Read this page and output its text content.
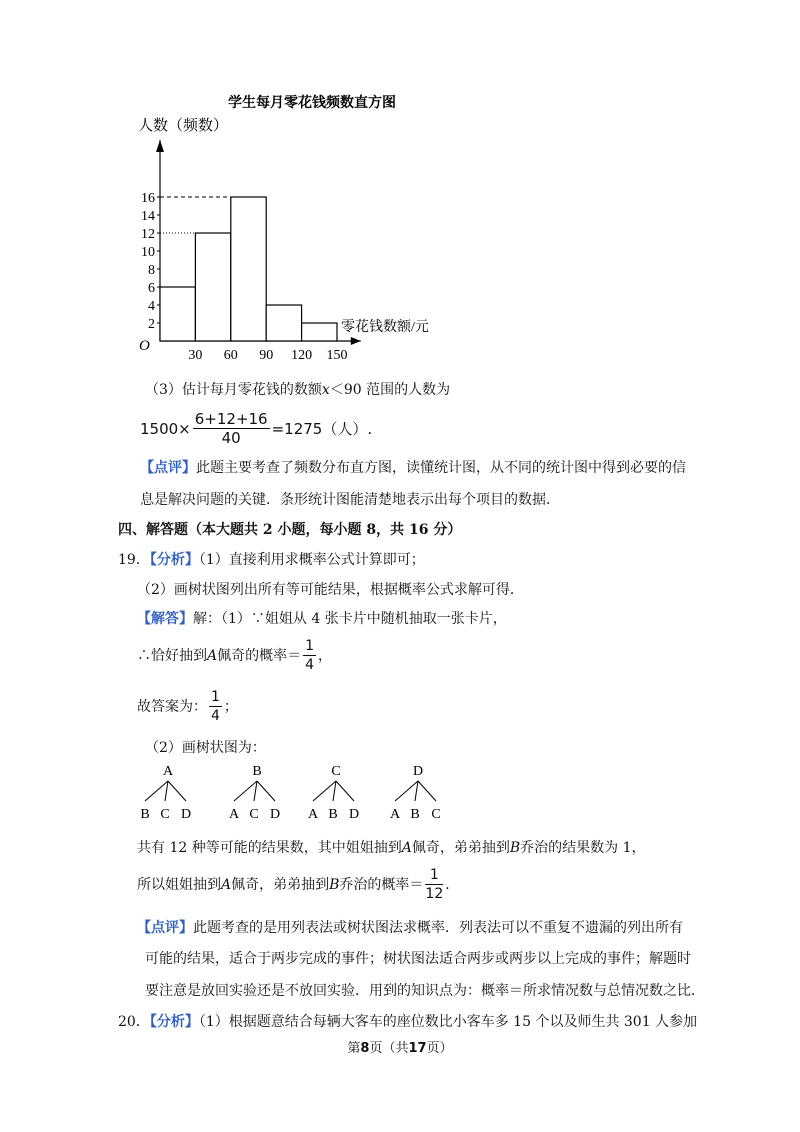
学生每月零花钱频数直方图
人数（频数）
零花钱数额/元
O
2
4
6
8
10
12
14
16
30 60 90 120 150
（3）估计每月零花钱的数额x＜90 范围的人数为
$1500\times \frac{6+12+16}{40} =1275$（人）.
【点评】此题主要考查了频数分布直方图，读懂统计图，从不同的统计图中得到必要的信
息是解决问题的关键．条形统计图能清楚地表示出每个项目的数据．
四、解答题（本大题共 2 小题，每小题 8，共 16 分）
19．【分析】（1）直接利用求概率公式计算即可；
（2）画树状图列出所有等可能结果，根据概率公式求解可得．
【解答】解：（1）∵姐姐从 4 张卡片中随机抽取一张卡片，
∴恰好抽到 A 佩奇的概率＝ $\frac{1}{4}$ ，
故答案为： $\frac{1}{4}$ ；
（2）画树状图为：
A
B C D
B
A C D
C
A B D
D
A B C
共有 12 种等可能的结果数，其中姐姐抽到A佩奇，弟弟抽到B乔治的结果数为 1，
所以姐姐抽到 A 佩奇，弟弟抽到 B 乔治的概率＝ $\frac{1}{12}$ ．
【点评】此题考查的是用列表法或树状图法求概率．列表法可以不重复不遗漏的列出所有
可能的结果，适合于两步完成的事件；树状图法适合两步或两步以上完成的事件；解题时
要注意是放回实验还是不放回实验．用到的知识点为：概率＝所求情况数与总情况数之比．
20．【分析】（1）根据题意结合每辆大客车的座位数比小客车多 15 个以及师生共 301 人参加
第8页（共17页）
